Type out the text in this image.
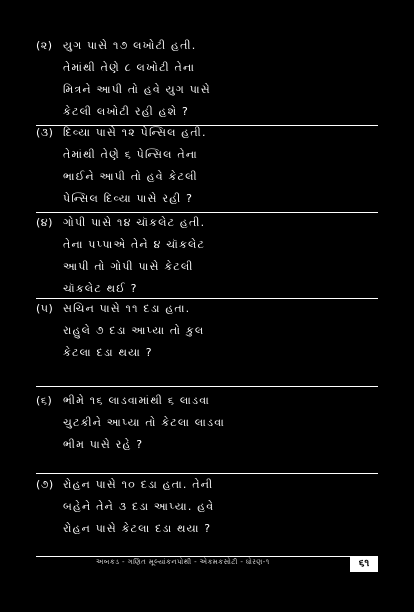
(૨) યુગ પાસે ૧૭ લખોટી હતી.
તેમાંથી તેણે ૮ લખોટી તેના
મિત્રને આપી તો હવે યુગ પાસે
કેટલી લખોટી રહી હશે ?
(૩) દિવ્યા પાસે ૧૨ પેન્સિલ હતી.
તેમાંથી તેણે ૬ પેન્સિલ તેના
ભાઈને આપી તો હવે કેટલી
પેન્સિલ દિવ્યા પાસે રહી ?
(૪) ગોપી પાસે ૧૪ ચૉકલેટ હતી.
તેના પપ્પાએ તેને ૪ ચૉકલેટ
આપી તો ગોપી પાસે કેટલી
ચૉકલેટ થઈ ?
(૫) સચિન પાસે ૧૧ દડા હતા.
રાહુલે ૭ દડા આપ્યા તો કુલ
કેટલા દડા થયા ?
(૬) ભીમે ૧૬ લાડવામાંથી ૬ લાડવા
ચુટકીને આપ્યા તો કેટલા લાડવા
ભીમ પાસે રહે ?
(૭) રોહન પાસે ૧૦ દડા હતા. તેની
બહેને તેને ૩ દડા આપ્યા. હવે
રોહન પાસે કેટલા દડા થયા ?
અબકડ - ગણિત મૂલ્યાંકનપોથી - એકમકસોટી - ધોરણ-૧	૬૧
